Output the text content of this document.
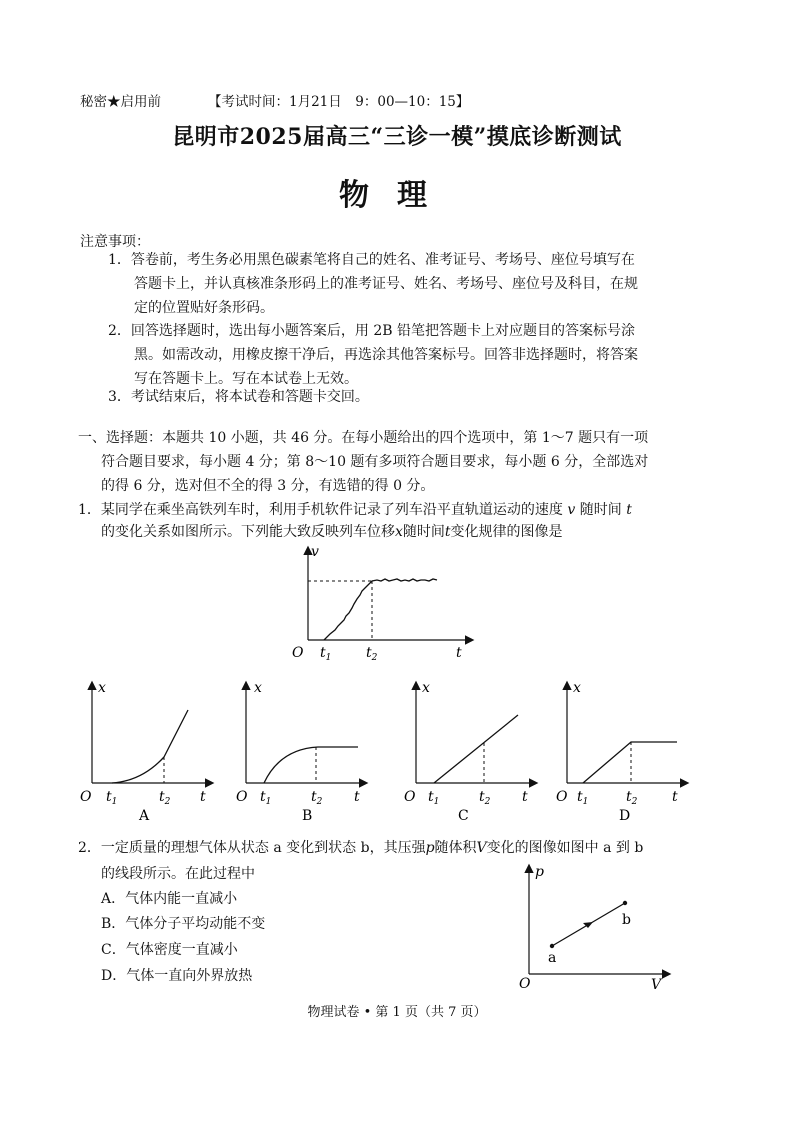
秘密★启用前	【考试时间：1月21日　9：00—10：15】
昆明市2025届高三“三诊一模”摸底诊断测试
物理
注意事项：
1．答卷前，考生务必用黑色碳素笔将自己的姓名、准考证号、考场号、座位号填写在
答题卡上，并认真核准条形码上的准考证号、姓名、考场号、座位号及科目，在规
定的位置贴好条形码。
2．回答选择题时，选出每小题答案后，用 2B 铅笔把答题卡上对应题目的答案标号涂
黑。如需改动，用橡皮擦干净后，再选涂其他答案标号。回答非选择题时，将答案
写在答题卡上。写在本试卷上无效。
3．考试结束后，将本试卷和答题卡交回。
一、选择题：本题共 10 小题，共 46 分。在每小题给出的四个选项中，第 1～7 题只有一项
符合题目要求，每小题 4 分；第 8～10 题有多项符合题目要求，每小题 6 分，全部选对
的得 6 分，选对但不全的得 3 分，有选错的得 0 分。
1．某同学在乘坐高铁列车时，利用手机软件记录了列车沿平直轨道运动的速度 v 随时间 t
的变化关系如图所示。下列能大致反映列车位移x随时间t变化规律的图像是
v
O $t_1$ $t_2$	t
x
O $t_1$	$t_2$ t
A
x
O $t_1$	$t_2$ t
B
x
O $t_1$	$t_2$ t
C
x
O $t_1$	$t_2$ t
D
2．一定质量的理想气体从状态 a 变化到状态 b，其压强p随体积V变化的图像如图中 a 到 b
的线段所示。在此过程中
A．气体内能一直减小
B．气体分子平均动能不变
C．气体密度一直减小
D．气体一直向外界放热
p
O	V
a
b
物理试卷 • 第 1 页（共 7 页）
